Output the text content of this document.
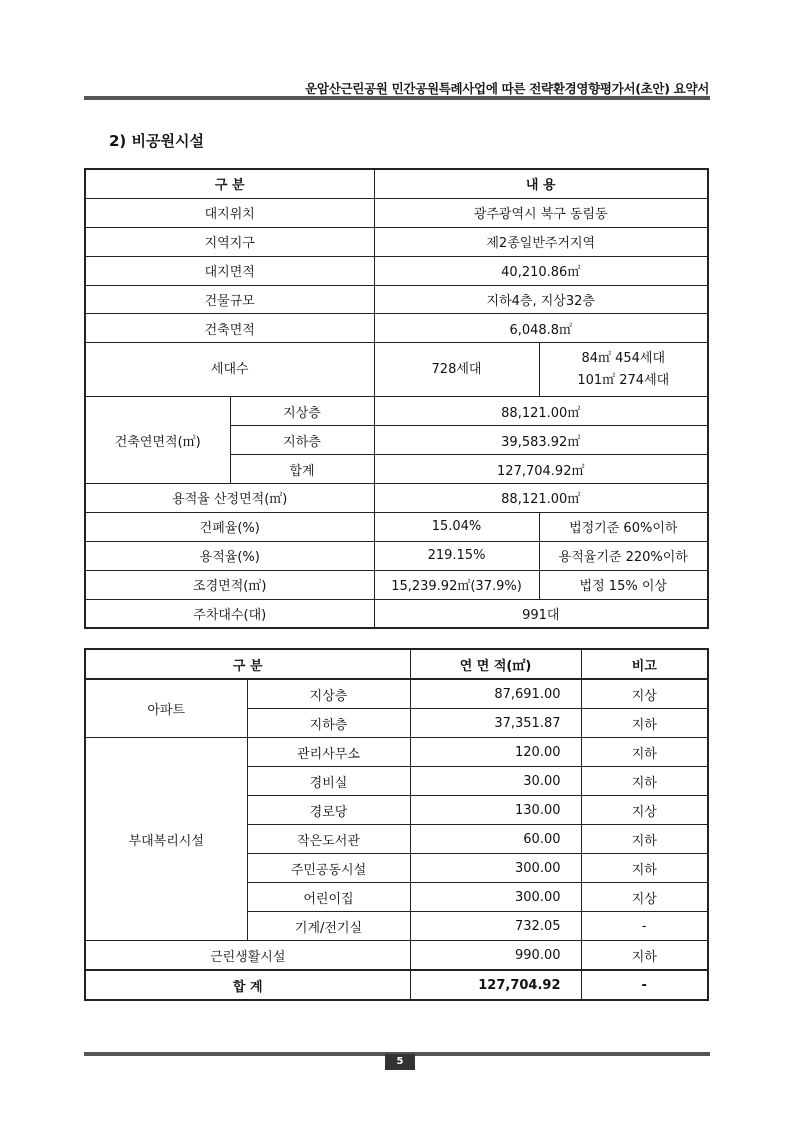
운암산근린공원 민간공원특례사업에 따른 전략환경영향평가서(초안) 요약서
2) 비공원시설
구 분		내 용	
대지위치		광주광역시 북구 동림동	
지역지구		제2종일반주거지역	
대지면적		40,210.86㎡	
건물규모		지하4층, 지상32층	
건축면적		6,048.8㎡	
세대수		728세대	84㎡ 454세대
101㎡ 274세대

건축연면적(㎡)	지상층	88,121.00㎡	
	지하층	39,583.92㎡	
	합계	127,704.92㎡	
용적율 산정면적(㎡)		88,121.00㎡	
건폐율(%)		15.04%	법정기준 60%이하
용적율(%)		219.15%	용적율기준 220%이하
조경면적(㎡)		15,239.92㎡(37.9%)	법정 15% 이상
주차대수(대)		991대	
구 분		연 면 적(㎡)	비고
아파트	지상층	87,691.00	지상
	지하층	37,351.87	지하
부대복리시설	관리사무소	120.00	지하
	경비실	30.00	지하
	경로당	130.00	지상
	작은도서관	60.00	지하
	주민공동시설	300.00	지하
	어린이집	300.00	지상
	기계/전기실	732.05	-
근린생활시설		990.00	지하
합 계		127,704.92	-
5
